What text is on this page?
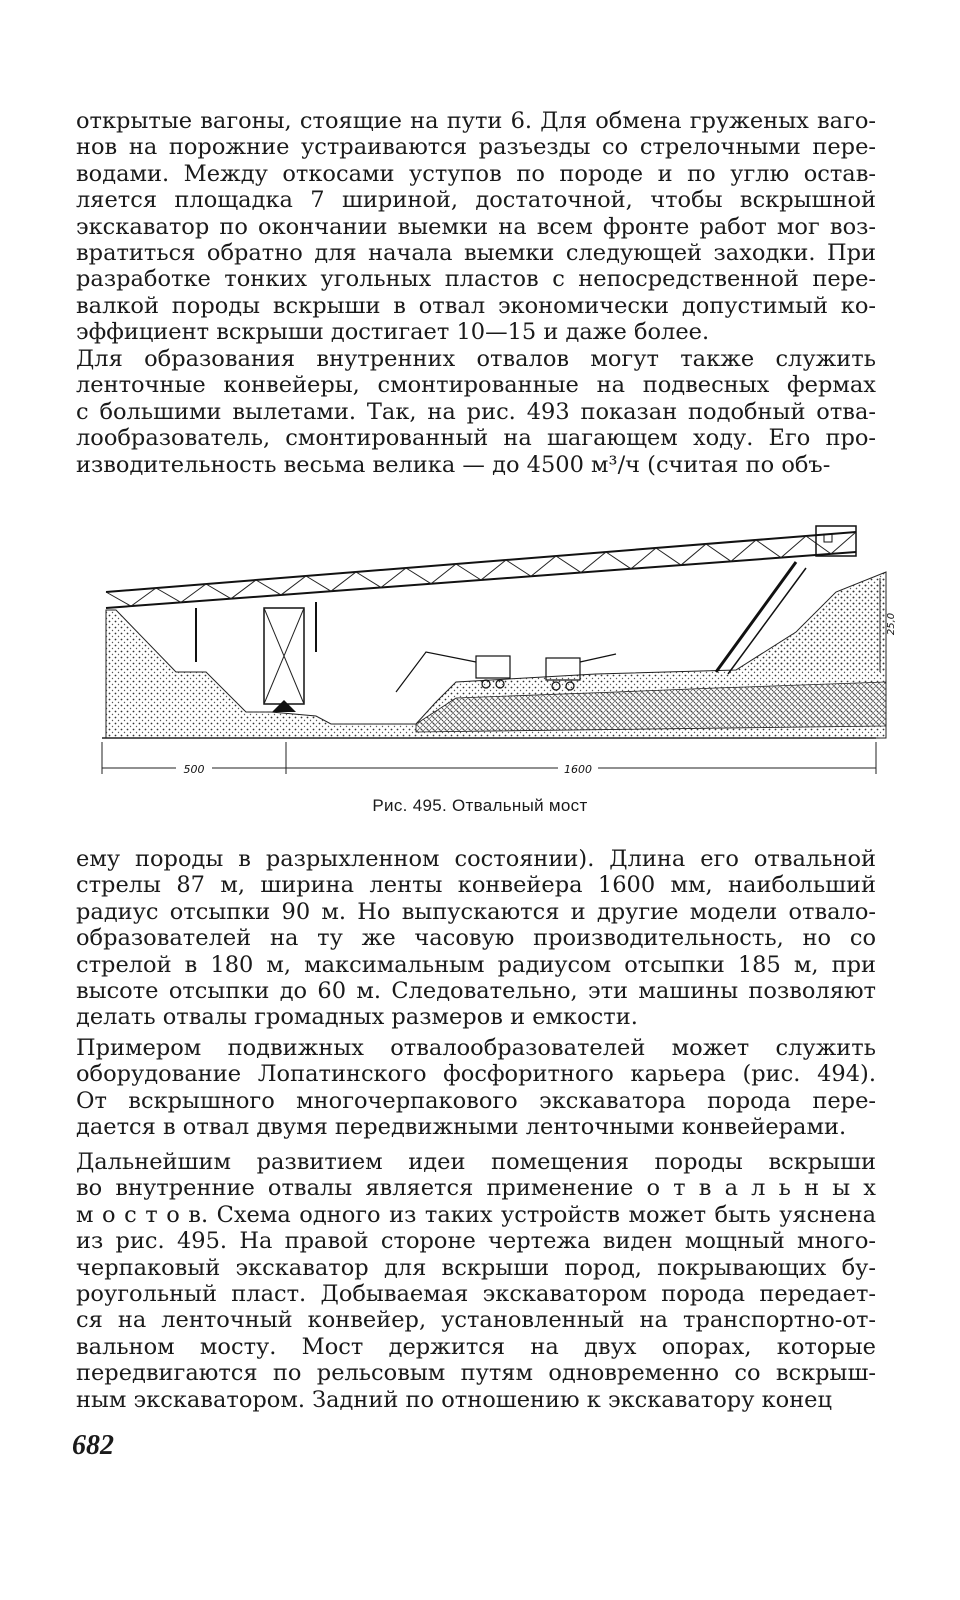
открытые вагоны, стоящие на пути 6. Для обмена груженых ваго-
нов на порожние устраиваются разъезды со стрелочными пере-
водами. Между откосами уступов по породе и по углю остав-
ляется площадка 7 шириной, достаточной, чтобы вскрышной
экскаватор по окончании выемки на всем фронте работ мог воз-
вратиться обратно для начала выемки следующей заходки. При
разработке тонких угольных пластов с непосредственной пере-
валкой породы вскрыши в отвал экономически допустимый ко-
эффициент вскрыши достигает 10—15 и даже более.
Для образования внутренних отвалов могут также служить
ленточные конвейеры, смонтированные на подвесных фермах
с большими вылетами. Так, на рис. 493 показан подобный отва-
лообразователь, смонтированный на шагающем ходу. Его про-
изводительность весьма велика — до 4500 м³/ч (считая по объ-
500	1600
25,0
Рис. 495. Отвальный мост
ему породы в разрыхленном состоянии). Длина его отвальной
стрелы 87 м, ширина ленты конвейера 1600 мм, наибольший
радиус отсыпки 90 м. Но выпускаются и другие модели отвало-
образователей на ту же часовую производительность, но со
стрелой в 180 м, максимальным радиусом отсыпки 185 м, при
высоте отсыпки до 60 м. Следовательно, эти машины позволяют
делать отвалы громадных размеров и емкости.
Примером подвижных отвалообразователей может служить
оборудование Лопатинского фосфоритного карьера (рис. 494).
От вскрышного многочерпакового экскаватора порода пере-
дается в отвал двумя передвижными ленточными конвейерами.
Дальнейшим развитием идеи помещения породы вскрыши
во внутренние отвалы является применение о т в а л ь н ы х
м о с т о в. Схема одного из таких устройств может быть уяснена
из рис. 495. На правой стороне чертежа виден мощный много-
черпаковый экскаватор для вскрыши пород, покрывающих бу-
роугольный пласт. Добываемая экскаватором порода передает-
ся на ленточный конвейер, установленный на транспортно-от-
вальном мосту. Мост держится на двух опорах, которые
передвигаются по рельсовым путям одновременно со вскрыш-
ным экскаватором. Задний по отношению к экскаватору конец
682
